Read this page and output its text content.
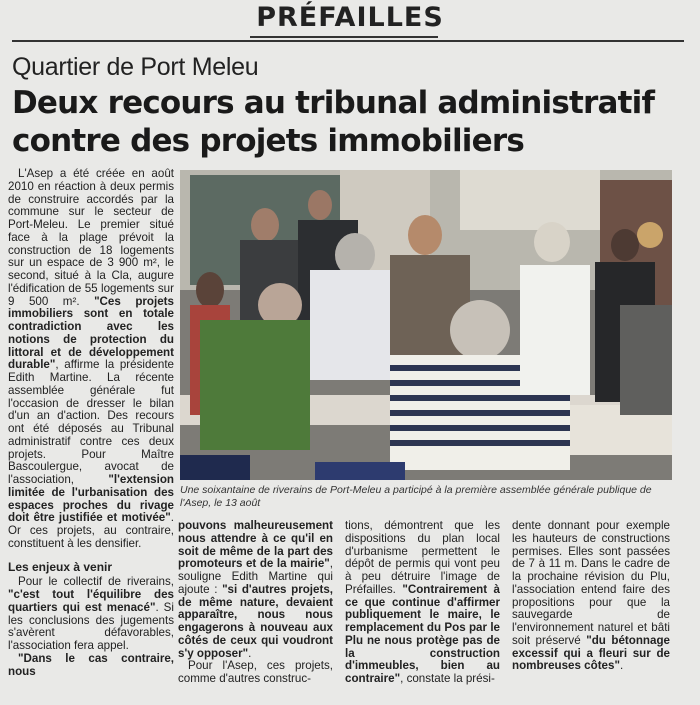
PRÉFAILLES
Quartier de Port Meleu
Deux recours au tribunal administratif
contre des projets immobiliers

L'Asep a été créée en août 2010 en réaction à deux permis de construire accordés par la commune sur le secteur de Port-Meleu. Le premier situé face à la plage prévoit la construction de 18 logements sur un espace de 3 900 m², le second, situé à la Cla, augure l'édification de 55 logements sur 9 500 m². "Ces projets immobiliers sont en totale contradiction avec les notions de protection du littoral et de développement durable", affirme la présidente Edith Martine. La récente assemblée générale fut l'occasion de dresser le bilan d'un an d'action. Des recours ont été déposés au Tribunal administratif contre ces deux projets. Pour Maître Bascoulergue, avocat de l'association,	"l'extension limitée de l'urbanisation des espaces proches du rivage doit être justifiée et motivée". Or ces projets, au contraire, constituent à les densifier.

Les enjeux à venir

Pour le collectif de riverains, "c'est tout l'équilibre des quartiers qui est menacé". Si les conclusions des jugements s'avèrent défavorables, l'association fera appel.

"Dans le cas contraire, nous

Une soixantaine de riverains de Port-Meleu a participé à la première assemblée générale publique de l'Asep, le 13 août

pouvons malheureusement nous attendre à ce qu'il en soit de même de la part des promoteurs et de la mairie", souligne Edith Martine qui ajoute : "si d'autres projets, de même nature, devaient apparaître, nous nous engagerons à nouveau aux côtés de ceux qui voudront s'y opposer".

Pour l'Asep, ces projets, comme d'autres construc-

tions, démontrent que les dispositions du plan local d'urbanisme permettent le dépôt de permis qui vont peu à peu détruire l'image de Préfailles. "Contrairement à ce que continue d'affirmer publiquement le maire, le remplacement du Pos par le Plu ne nous protège pas de la construction d'immeubles, bien au contraire", constate la prési-

dente donnant pour exemple les hauteurs de constructions permises. Elles sont passées de 7 à 11 m. Dans le cadre de la prochaine révision du Plu, l'association entend faire des propositions pour que la sauvegarde de l'environnement naturel et bâti soit préservé "du bétonnage excessif qui a fleuri sur de nombreuses côtes".
